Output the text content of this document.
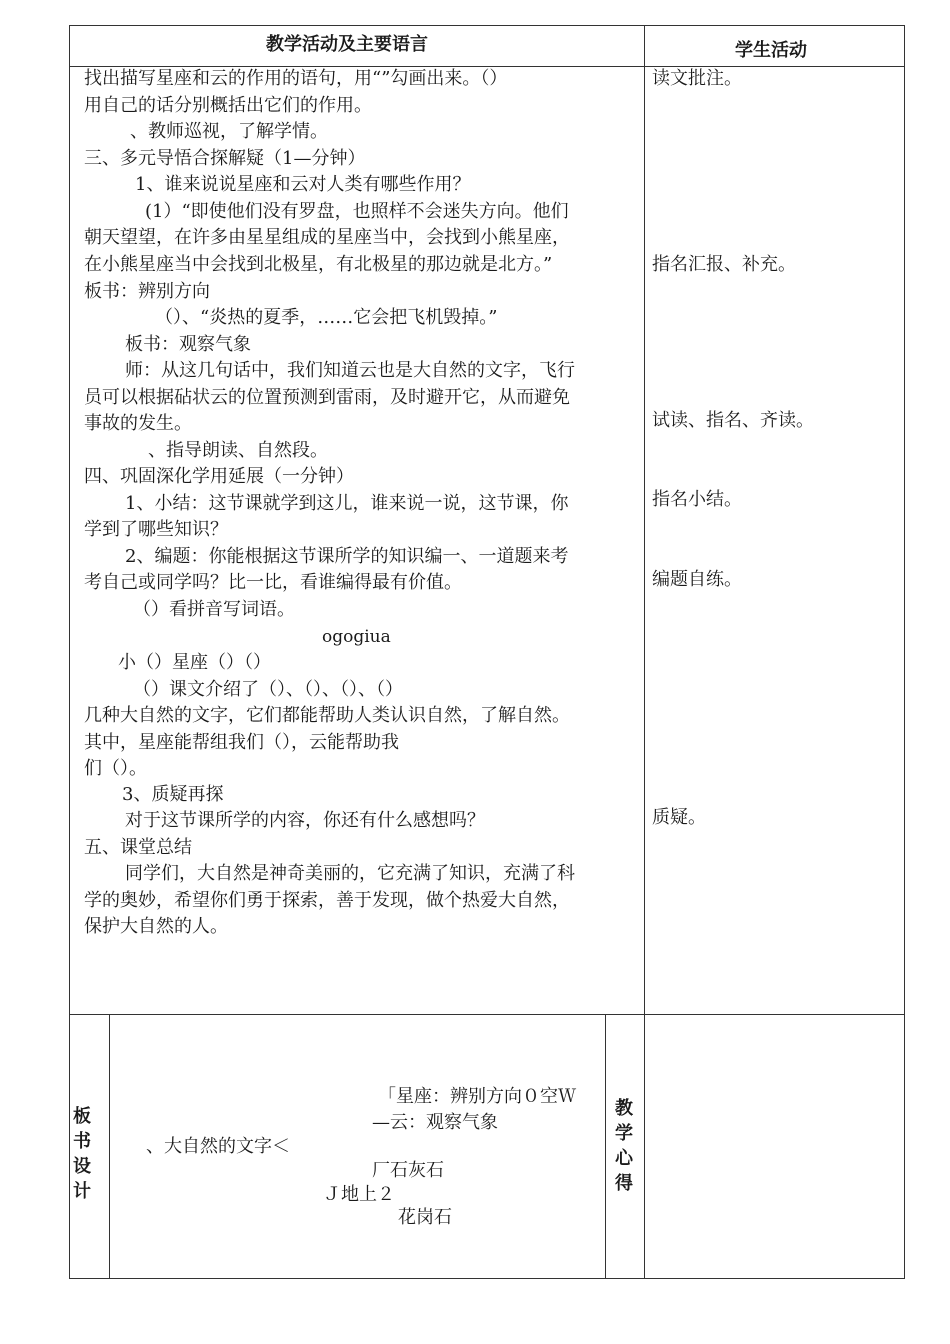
教学活动及主要语言	学生活动
找出描写星座和云的作用的语句，用“”勾画出来。（）
用自己的话分别概括出它们的作用。
、教师巡视，了解学情。
三、多元导悟合探解疑（1—分钟）
1、谁来说说星座和云对人类有哪些作用？
(1）“即使他们没有罗盘，也照样不会迷失方向。他们
朝天望望，在许多由星星组成的星座当中，会找到小熊星座，
在小熊星座当中会找到北极星，有北极星的那边就是北方。”
板书：辨别方向
（）、“炎热的夏季，……它会把飞机毁掉。”
板书：观察气象
师：从这几句话中，我们知道云也是大自然的文字，飞行
员可以根据砧状云的位置预测到雷雨，及时避开它，从而避免
事故的发生。
、指导朗读、自然段。
四、巩固深化学用延展（一分钟）
1、小结：这节课就学到这儿，谁来说一说，这节课，你
学到了哪些知识？
2、编题：你能根据这节课所学的知识编一、一道题来考
考自己或同学吗？比一比，看谁编得最有价值。
（）看拼音写词语。
ogogiua
小（）星座（）（）
（）课文介绍了（）、（）、（）、（）
几种大自然的文字，它们都能帮助人类认识自然，了解自然。
其中，星座能帮组我们（），云能帮助我
们（）。
3、质疑再探
对于这节课所学的内容，你还有什么感想吗？
五、课堂总结
同学们，大自然是神奇美丽的，它充满了知识，充满了科
学的奥妙，希望你们勇于探索，善于发现，做个热爱大自然，
保护大自然的人。
读文批注。
指名汇报、补充。
试读、指名、齐读。
指名小结。
编题自练。
质疑。
板书设计
、大自然的文字＜
「星座：辨别方向０空Ｗ
—云：观察气象
厂石灰石
Ｊ地上２
花岗石
教学心得
